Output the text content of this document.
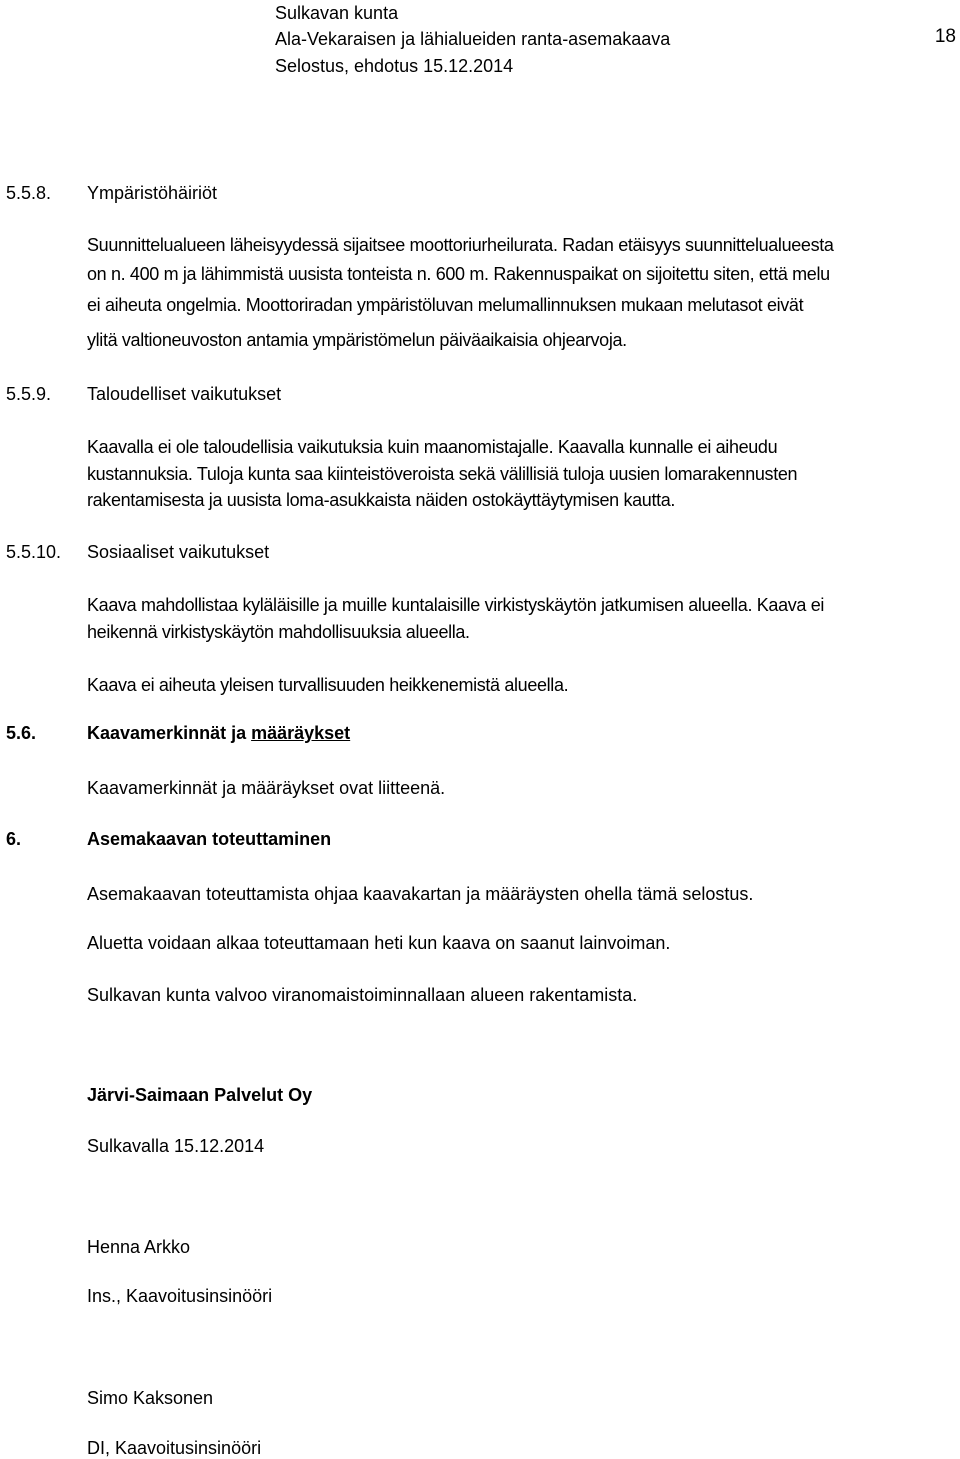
Sulkavan kunta
Ala-Vekaraisen ja lähialueiden ranta-asemakaava
Selostus, ehdotus 15.12.2014
18
5.5.8. Ympäristöhäiriöt
Suunnittelualueen läheisyydessä sijaitsee moottoriurheilurata. Radan etäisyys suunnittelualueesta
on n. 400 m ja lähimmistä uusista tonteista n. 600 m. Rakennuspaikat on sijoitettu siten, että melu
ei aiheuta ongelmia. Moottoriradan ympäristöluvan melumallinnuksen mukaan melutasot eivät
ylitä valtioneuvoston antamia ympäristömelun päiväaikaisia ohjearvoja.
5.5.9. Taloudelliset vaikutukset
Kaavalla ei ole taloudellisia vaikutuksia kuin maanomistajalle. Kaavalla kunnalle ei aiheudu
kustannuksia. Tuloja kunta saa kiinteistöveroista sekä välillisiä tuloja uusien lomarakennusten
rakentamisesta ja uusista loma-asukkaista näiden ostokäyttäytymisen kautta.
5.5.10. Sosiaaliset vaikutukset
Kaava mahdollistaa kyläläisille ja muille kuntalaisille virkistyskäytön jatkumisen alueella. Kaava ei
heikennä virkistyskäytön mahdollisuuksia alueella.
Kaava ei aiheuta yleisen turvallisuuden heikkenemistä alueella.
5.6.	Kaavamerkinnät ja määräykset
Kaavamerkinnät ja määräykset ovat liitteenä.
6.	Asemakaavan toteuttaminen
Asemakaavan toteuttamista ohjaa kaavakartan ja määräysten ohella tämä selostus.
Aluetta voidaan alkaa toteuttamaan heti kun kaava on saanut lainvoiman.
Sulkavan kunta valvoo viranomaistoiminnallaan alueen rakentamista.
Järvi-Saimaan Palvelut Oy
Sulkavalla 15.12.2014
Henna Arkko
Ins., Kaavoitusinsinööri
Simo Kaksonen
DI, Kaavoitusinsinööri
